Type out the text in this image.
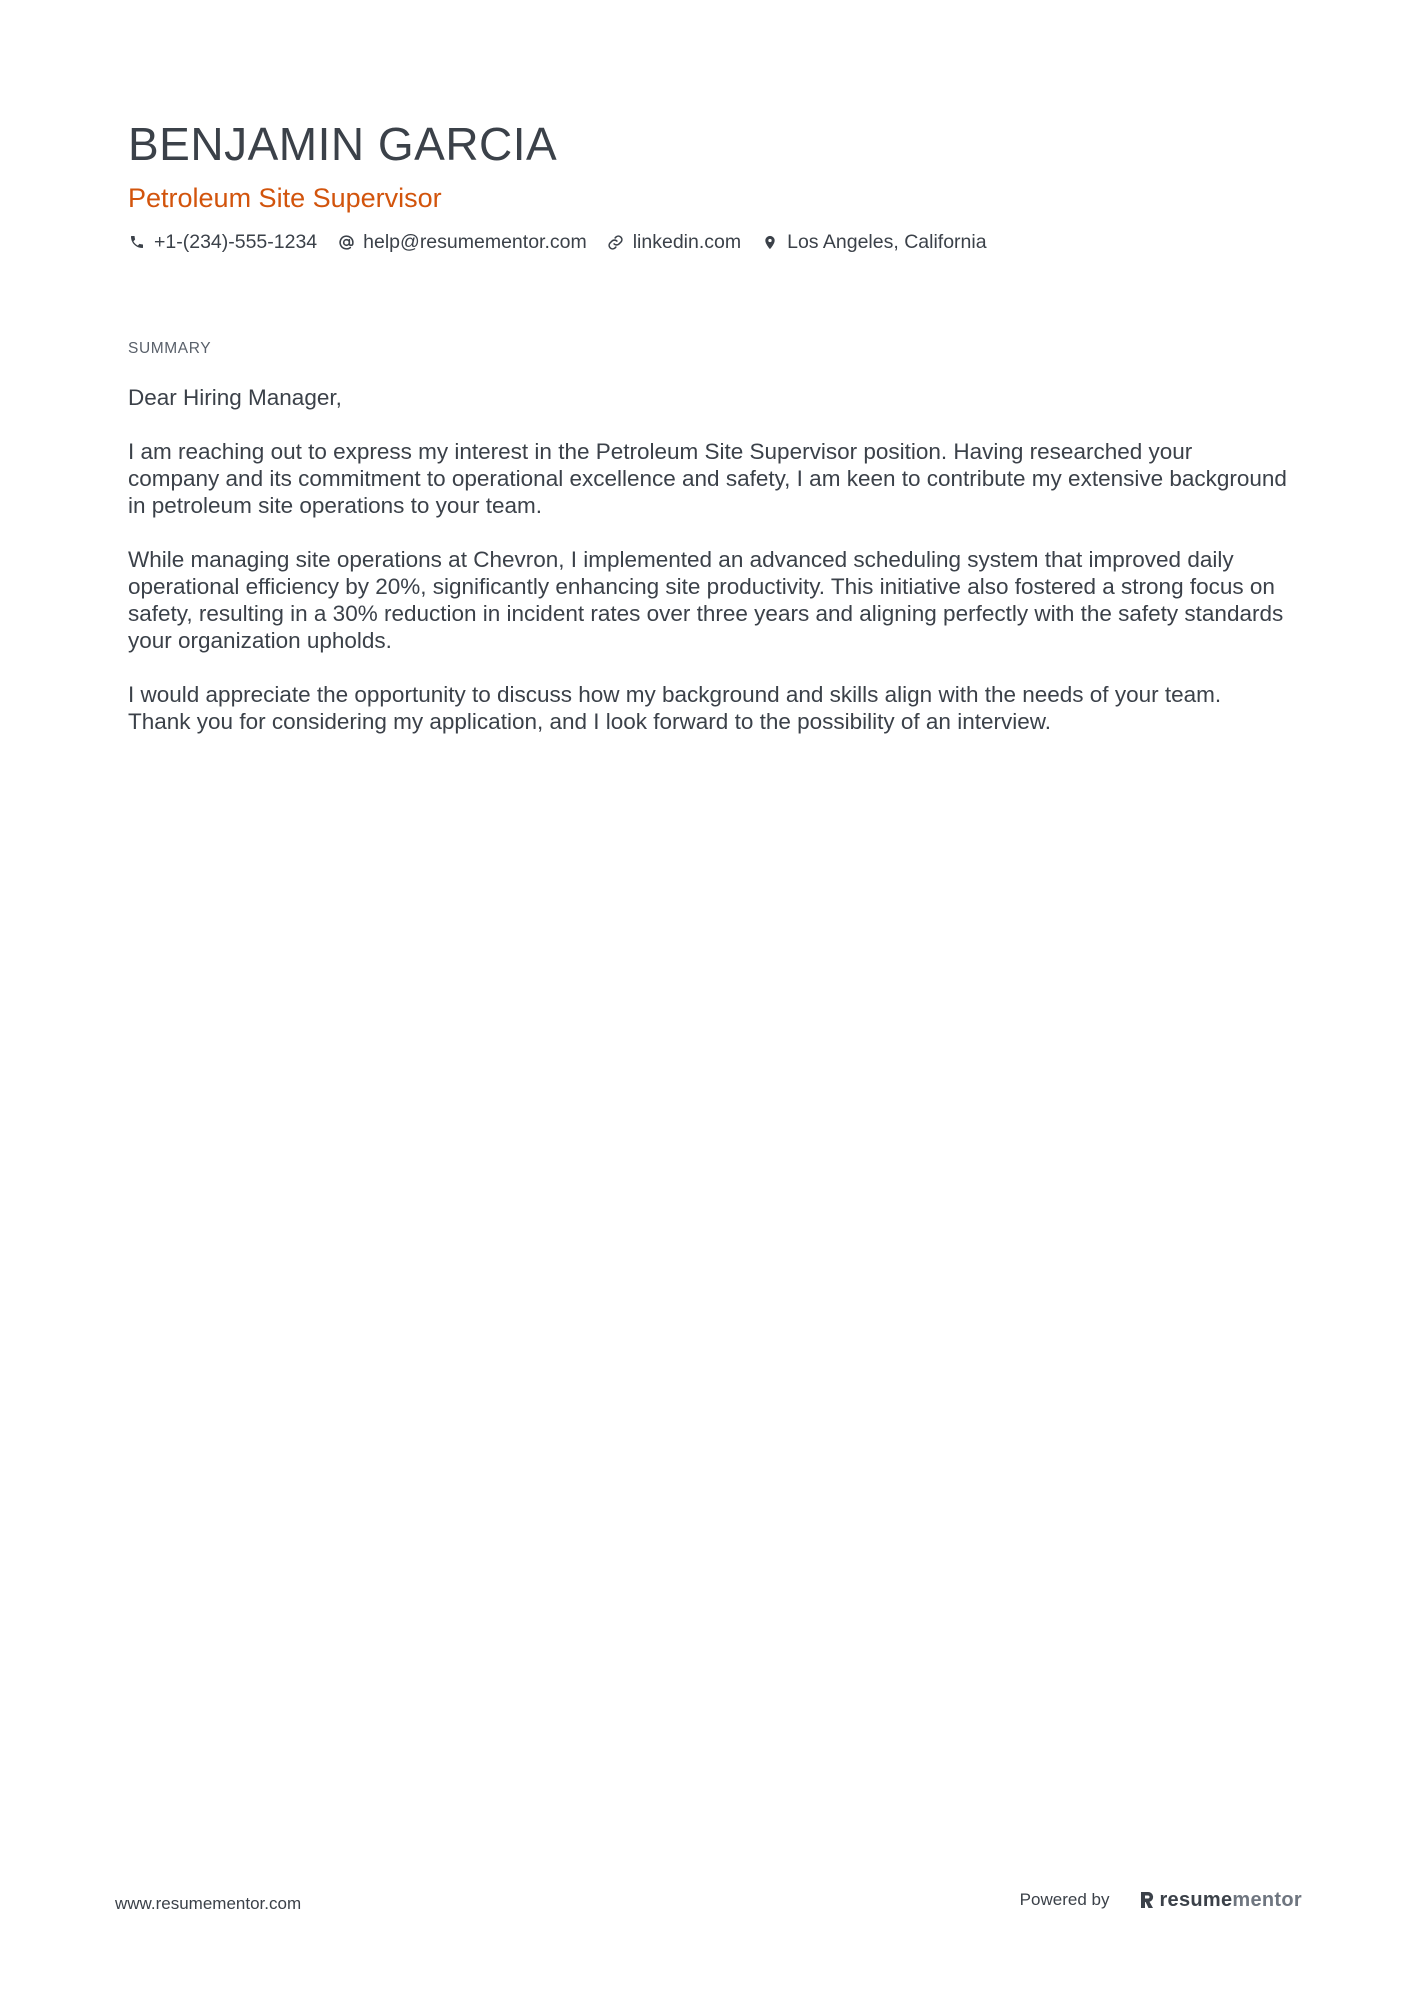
BENJAMIN GARCIA
Petroleum Site Supervisor
+1-(234)-555-1234 help@resumementor.com linkedin.com Los Angeles, California
SUMMARY

Dear Hiring Manager,

I am reaching out to express my interest in the Petroleum Site Supervisor position. Having researched your company and its commitment to operational excellence and safety, I am keen to contribute my extensive background in petroleum site operations to your team.

While managing site operations at Chevron, I implemented an advanced scheduling system that improved daily operational efficiency by 20%, significantly enhancing site productivity. This initiative also fostered a strong focus on safety, resulting in a 30% reduction in incident rates over three years and aligning perfectly with the safety standards your organization upholds.

I would appreciate the opportunity to discuss how my background and skills align with the needs of your team. Thank you for considering my application, and I look forward to the possibility of an interview.

www.resumementor.com	Powered by	resume mentor
